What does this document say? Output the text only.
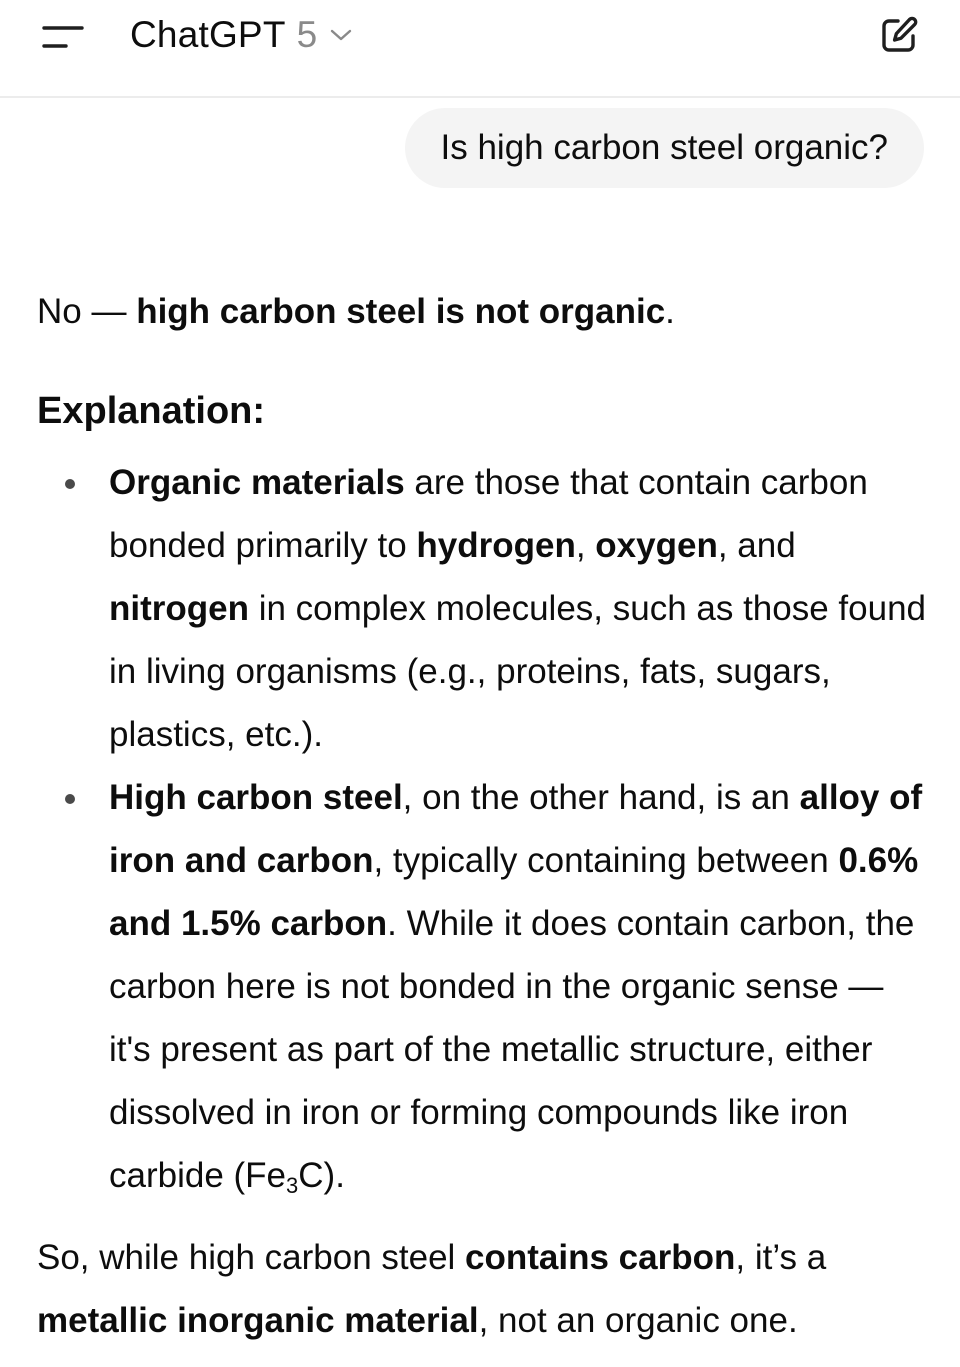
ChatGPT 5
Is high carbon steel organic?

No — high carbon steel is not organic.

Explanation:
Organic materials are those that contain carbon bonded primarily to hydrogen, oxygen, and nitrogen in complex molecules, such as those found in living organisms (e.g., proteins, fats, sugars, plastics, etc.).
High carbon steel, on the other hand, is an alloy of iron and carbon, typically containing between 0.6% and 1.5% carbon. While it does contain carbon, the carbon here is not bonded in the organic sense — it's present as part of the metallic structure, either dissolved in iron or forming compounds like iron carbide $(Fe_3C)$.

So, while high carbon steel contains carbon, it’s a metallic inorganic material, not an organic one.
